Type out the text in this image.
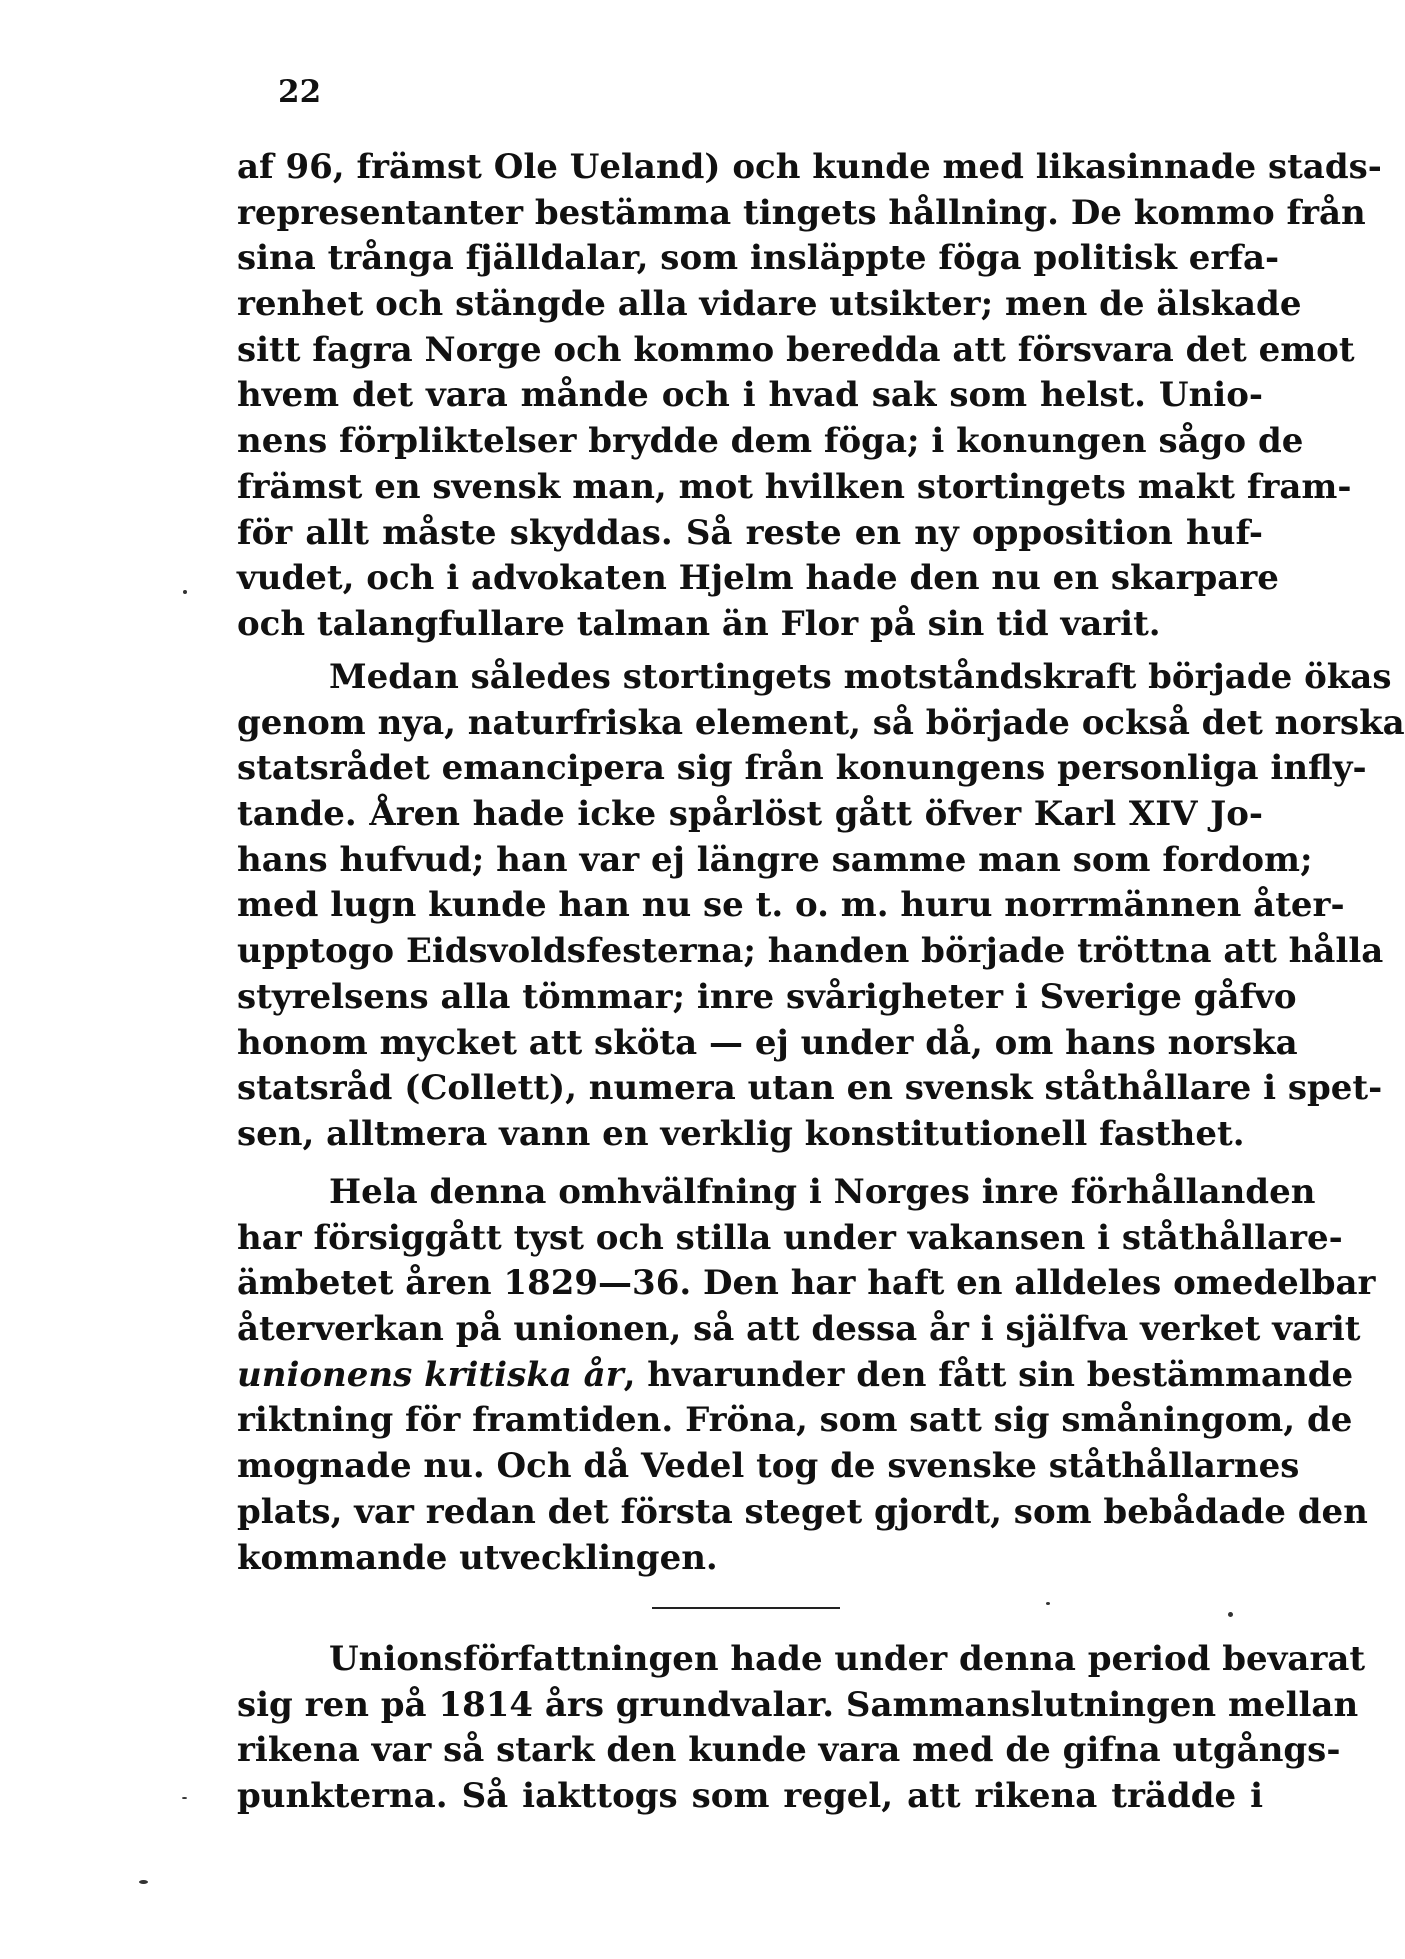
22
af 96, främst Ole Ueland) och kunde med likasinnade stads-
representanter bestämma tingets hållning. De kommo från
sina trånga fjälldalar, som insläppte föga politisk erfa-
renhet och stängde alla vidare utsikter; men de älskade
sitt fagra Norge och kommo beredda att försvara det emot
hvem det vara månde och i hvad sak som helst. Unio-
nens förpliktelser brydde dem föga; i konungen sågo de
främst en svensk man, mot hvilken stortingets makt fram-
för allt måste skyddas. Så reste en ny opposition huf-
vudet, och i advokaten Hjelm hade den nu en skarpare
och talangfullare talman än Flor på sin tid varit.
Medan således stortingets motståndskraft började ökas
genom nya, naturfriska element, så började också det norska
statsrådet emancipera sig från konungens personliga infly-
tande. Åren hade icke spårlöst gått öfver Karl XIV Jo-
hans hufvud; han var ej längre samme man som fordom;
med lugn kunde han nu se t. o. m. huru norrmännen åter-
upptogo Eidsvoldsfesterna; handen började tröttna att hålla
styrelsens alla tömmar; inre svårigheter i Sverige gåfvo
honom mycket att sköta — ej under då, om hans norska
statsråd (Collett), numera utan en svensk ståthållare i spet-
sen, alltmera vann en verklig konstitutionell fasthet.
Hela denna omhvälfning i Norges inre förhållanden
har försiggått tyst och stilla under vakansen i ståthållare-
ämbetet åren 1829—36. Den har haft en alldeles omedelbar
återverkan på unionen, så att dessa år i själfva verket varit
unionens kritiska år, hvarunder den fått sin bestämmande
riktning för framtiden. Fröna, som satt sig småningom, de
mognade nu. Och då Vedel tog de svenske ståthållarnes
plats, var redan det första steget gjordt, som bebådade den
kommande utvecklingen.
Unionsförfattningen hade under denna period bevarat
sig ren på 1814 års grundvalar. Sammanslutningen mellan
rikena var så stark den kunde vara med de gifna utgångs-
punkterna. Så iakttogs som regel, att rikena trädde i
